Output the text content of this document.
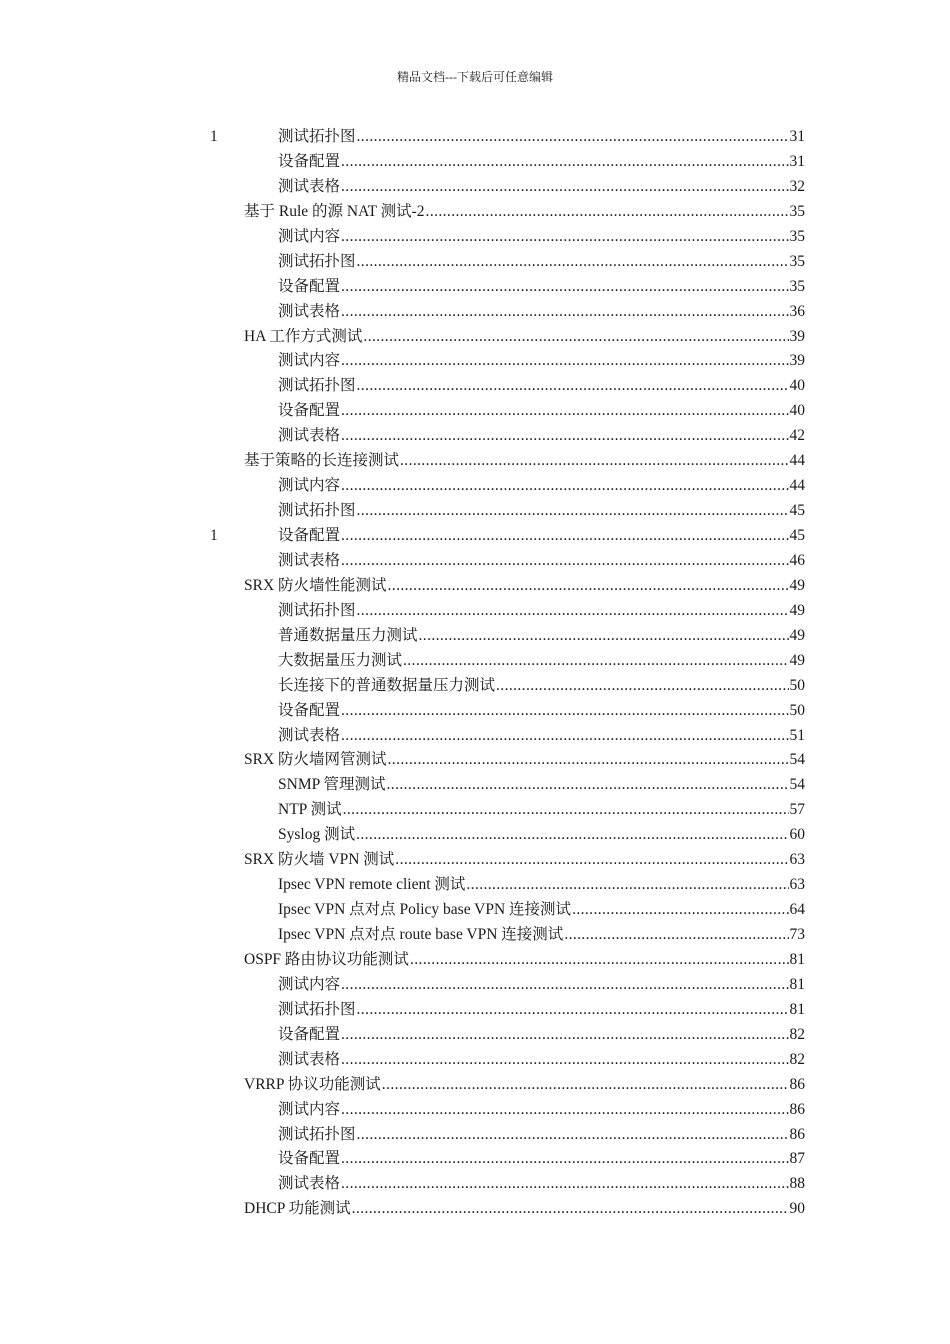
精品文档---下载后可任意编辑
1	测试拓扑图 .....	31
设备配置 .....	31
测试表格 .....	32
基于 Rule 的源 NAT 测试-2 .....	35
测试内容 .....	35
测试拓扑图 .....	35
设备配置 .....	35
测试表格 .....	36
HA 工作方式测试 .....	39
测试内容 .....	39
测试拓扑图 .....	40
设备配置 .....	40
测试表格 .....	42
基于策略的长连接测试 .....	44
测试内容 .....	44
测试拓扑图 .....	45
1	设备配置 .....	45
测试表格 .....	46
SRX 防火墙性能测试 .....	49
测试拓扑图 .....	49
普通数据量压力测试 .....	49
大数据量压力测试 .....	49
长连接下的普通数据量压力测试 .....	50
设备配置 .....	50
测试表格 .....	51
SRX 防火墙网管测试 .....	54
SNMP 管理测试 .....	54
NTP 测试 .....	57
Syslog 测试 .....	60
SRX 防火墙 VPN 测试 .....	63
Ipsec VPN remote client 测试 .....	63
Ipsec VPN 点对点 Policy base VPN 连接测试 .....	64
Ipsec VPN 点对点 route base VPN 连接测试 .....	73
OSPF 路由协议功能测试 .....	81
测试内容 .....	81
测试拓扑图 .....	81
设备配置 .....	82
测试表格 .....	82
VRRP 协议功能测试 .....	86
测试内容 .....	86
测试拓扑图 .....	86
设备配置 .....	87
测试表格 .....	88
DHCP 功能测试 .....	90
